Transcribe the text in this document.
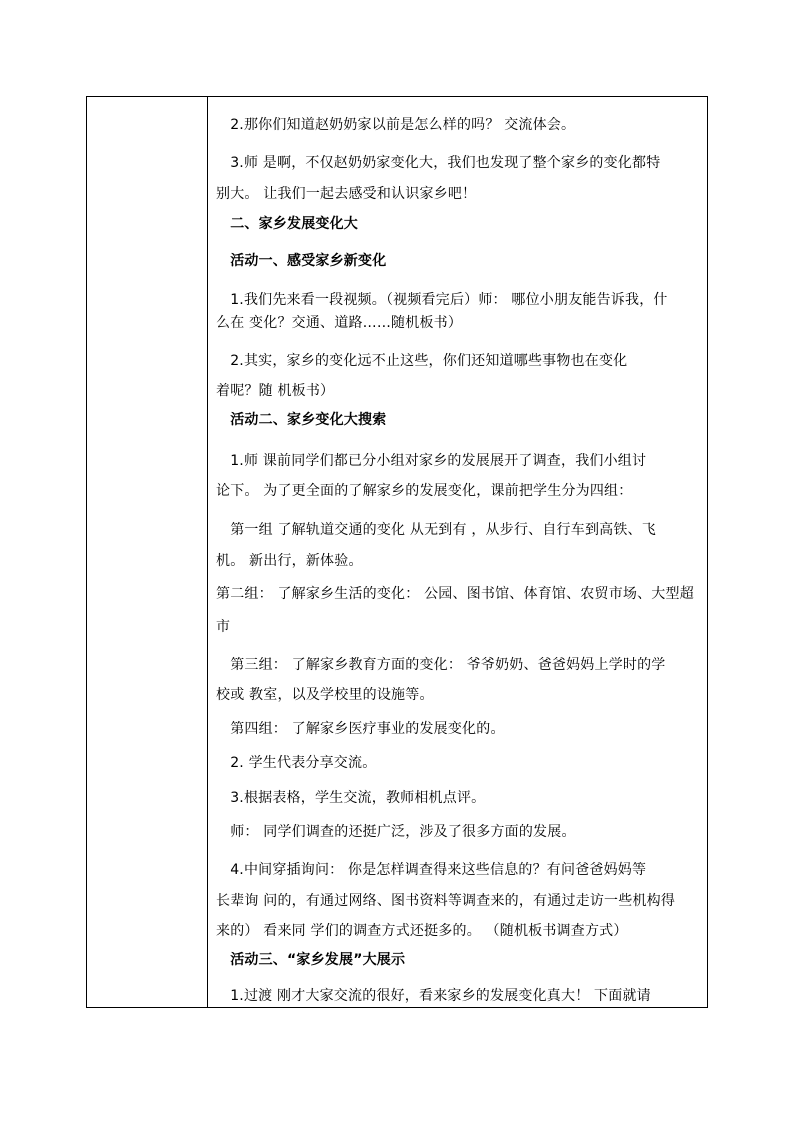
　2.那你们知道赵奶奶家以前是怎么样的吗？ 交流体会。
　3.师 是啊，不仅赵奶奶家变化大，我们也发现了整个家乡的变化都特
别大。 让我们一起去感受和认识家乡吧！
　二、家乡发展变化大
　活动一、感受家乡新变化
　1.我们先来看一段视频。（视频看完后）师： 哪位小朋友能告诉我，什
么在 变化？交通、道路……随机板书）
　2.其实，家乡的变化远不止这些，你们还知道哪些事物也在变化
着呢？随 机板书）
　活动二、家乡变化大搜索
　1.师 课前同学们都已分小组对家乡的发展展开了调查，我们小组讨
论下。 为了更全面的了解家乡的发展变化，课前把学生分为四组：
　第一组 了解轨道交通的变化 从无到有 ，从步行、自行车到高铁、飞
机。 新出行，新体验。
第二组： 了解家乡生活的变化： 公园、图书馆、体育馆、农贸市场、大型超
市
　第三组： 了解家乡教育方面的变化： 爷爷奶奶、爸爸妈妈上学时的学
校或 教室，以及学校里的设施等。
　第四组： 了解家乡医疗事业的发展变化的。
　2. 学生代表分享交流。
　3.根据表格，学生交流，教师相机点评。
　师： 同学们调查的还挺广泛，涉及了很多方面的发展。
　4.中间穿插询问： 你是怎样调查得来这些信息的？有问爸爸妈妈等
长辈询 问的，有通过网络、图书资料等调查来的，有通过走访一些机构得
来的） 看来同 学们的调查方式还挺多的。 （随机板书调查方式）
　活动三、“家乡发展”大展示
　1.过渡 刚才大家交流的很好，看来家乡的发展变化真大！ 下面就请
